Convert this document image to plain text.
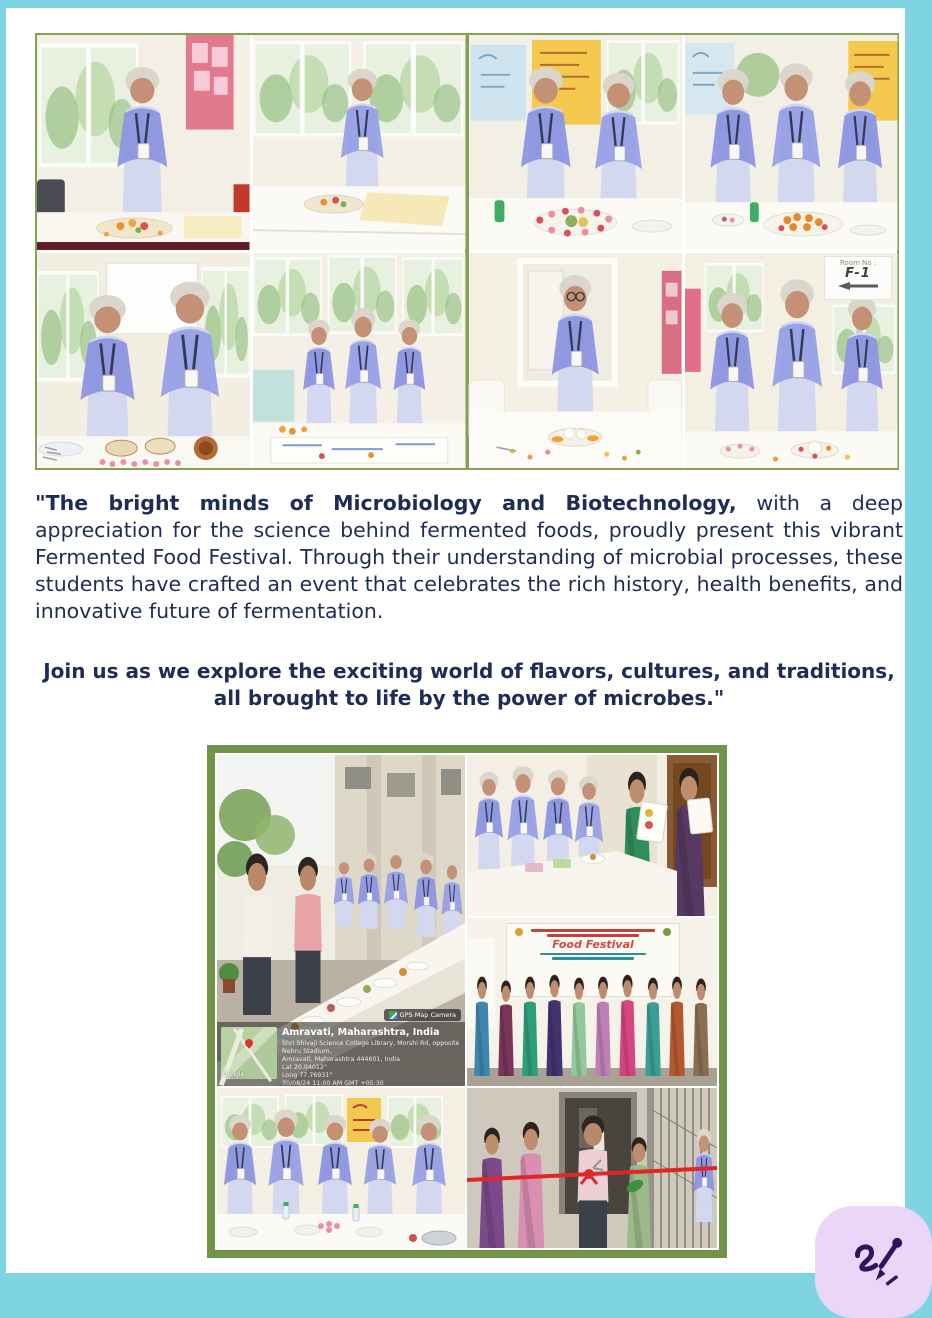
Room No :
F-1

"The bright minds of Microbiology and Biotechnology, with a deep appreciation for the science behind fermented foods, proudly present this vibrant Fermented Food Festival. Through their understanding of microbial processes, these students have crafted an event that celebrates the rich history, health benefits, and innovative future of fermentation.

Join us as we explore the exciting world of flavors, cultures, and traditions, all brought to life by the power of microbes."

GPS Map Camera
Google
Amravati, Maharashtra, India
Shri Shivaji Science College Library, Morshi Rd, opposite Nehru Stadium,
Amravati, Maharashtra 444601, India
Lat 20.94012°
Long 77.76931°
30/08/24 11:00 AM GMT +05:30
Food Festival
